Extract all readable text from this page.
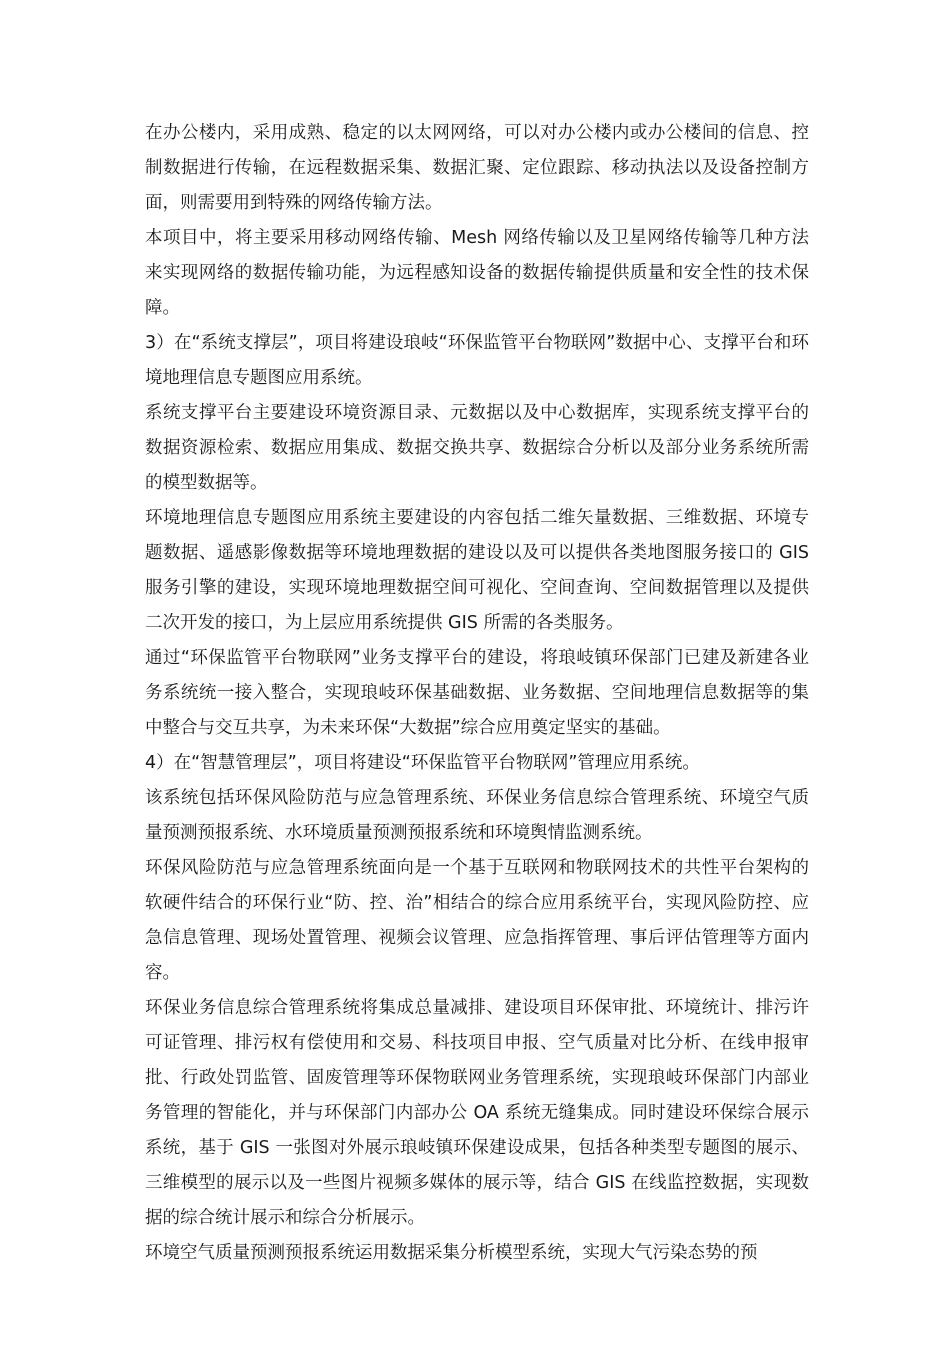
在办公楼内，采用成熟、稳定的以太网网络，可以对办公楼内或办公楼间的信息、控制数据进行传输，在远程数据采集、数据汇聚、定位跟踪、移动执法以及设备控制方面，则需要用到特殊的网络传输方法。

本项目中，将主要采用移动网络传输、Mesh 网络传输以及卫星网络传输等几种方法来实现网络的数据传输功能，为远程感知设备的数据传输提供质量和安全性的技术保障。

3）在“系统支撑层”，项目将建设琅岐“环保监管平台物联网”数据中心、支撑平台和环境地理信息专题图应用系统。

系统支撑平台主要建设环境资源目录、元数据以及中心数据库，实现系统支撑平台的数据资源检索、数据应用集成、数据交换共享、数据综合分析以及部分业务系统所需的模型数据等。

环境地理信息专题图应用系统主要建设的内容包括二维矢量数据、三维数据、环境专题数据、遥感影像数据等环境地理数据的建设以及可以提供各类地图服务接口的 GIS 服务引擎的建设，实现环境地理数据空间可视化、空间查询、空间数据管理以及提供二次开发的接口，为上层应用系统提供 GIS 所需的各类服务。

通过“环保监管平台物联网”业务支撑平台的建设，将琅岐镇环保部门已建及新建各业务系统统一接入整合，实现琅岐环保基础数据、业务数据、空间地理信息数据等的集中整合与交互共享，为未来环保“大数据”综合应用奠定坚实的基础。

4）在“智慧管理层”，项目将建设“环保监管平台物联网”管理应用系统。

该系统包括环保风险防范与应急管理系统、环保业务信息综合管理系统、环境空气质量预测预报系统、水环境质量预测预报系统和环境舆情监测系统。

环保风险防范与应急管理系统面向是一个基于互联网和物联网技术的共性平台架构的软硬件结合的环保行业“防、控、治”相结合的综合应用系统平台，实现风险防控、应急信息管理、现场处置管理、视频会议管理、应急指挥管理、事后评估管理等方面内容。

环保业务信息综合管理系统将集成总量减排、建设项目环保审批、环境统计、排污许可证管理、排污权有偿使用和交易、科技项目申报、空气质量对比分析、在线申报审批、行政处罚监管、固废管理等环保物联网业务管理系统，实现琅岐环保部门内部业务管理的智能化，并与环保部门内部办公 OA 系统无缝集成。同时建设环保综合展示系统，基于 GIS 一张图对外展示琅岐镇环保建设成果，包括各种类型专题图的展示、三维模型的展示以及一些图片视频多媒体的展示等，结合 GIS 在线监控数据，实现数据的综合统计展示和综合分析展示。

环境空气质量预测预报系统运用数据采集分析模型系统，实现大气污染态势的预
